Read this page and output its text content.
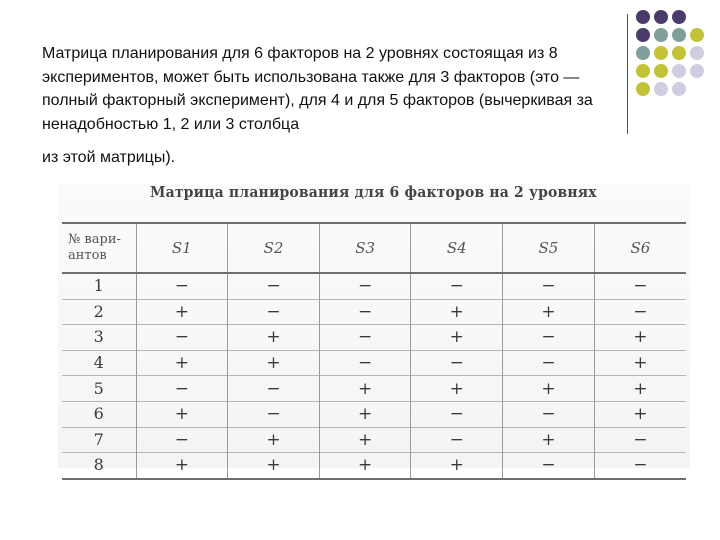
Матрица планирования для 6 факторов на 2 уровнях состоящая из 8 экспериментов, может быть использована также для 3 факторов (это — полный факторный эксперимент), для 4 и для 5 факторов (вычеркивая за ненадобностью 1, 2 или 3 столбца

из этой матрицы).

Матрица планирования для 6 факторов на 2 уровнях
№ вари-
антов	S1	S2	S3	S4	S5	S6
1	−	−	−	−	−	−
2	+	−	−	+	+	−
3	−	+	−	+	−	+
4	+	+	−	−	−	+
5	−	−	+	+	+	+
6	+	−	+	−	−	+
7	−	+	+	−	+	−
8	+	+	+	+	−	−
